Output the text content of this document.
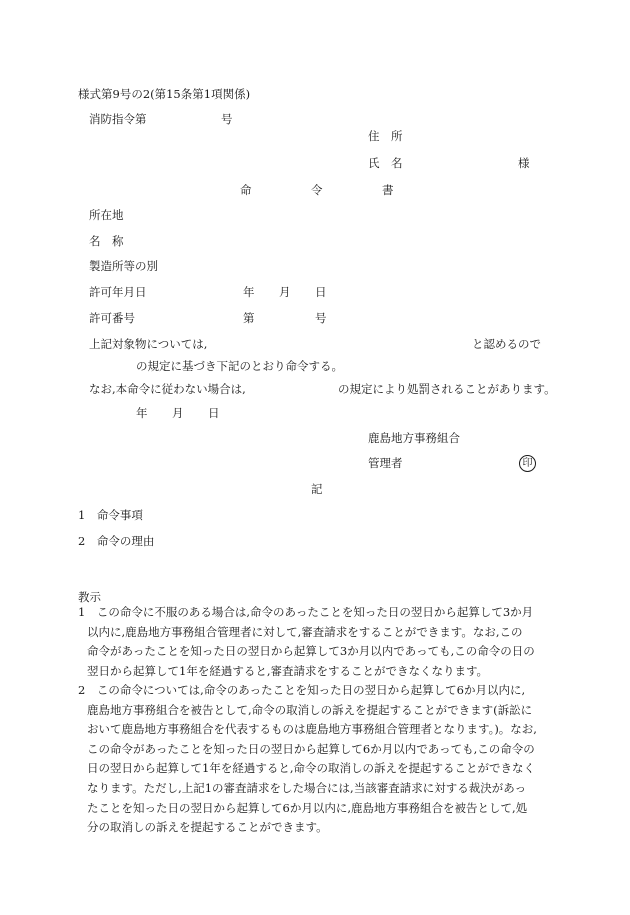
様式第9号の2(第15条第1項関係)
消防指令第	号
住　所
氏　名	様
命	令	書
所在地
名　称
製造所等の別
許可年月日	年 月 日
許可番号	第	号
上記対象物については,	と認めるので
の規定に基づき下記のとおり命令する。
なお,本命令に従わない場合は,	の規定により処罰されることがあります。
年 月 日
鹿島地方事務組合
管理者	印
記
1　命令事項
2　命令の理由
教示
1　この命令に不服のある場合は,命令のあったことを知った日の翌日から起算して3か月
以内に,鹿島地方事務組合管理者に対して,審査請求をすることができます。なお,この
命令があったことを知った日の翌日から起算して3か月以内であっても,この命令の日の
翌日から起算して1年を経過すると,審査請求をすることができなくなります。
2　この命令については,命令のあったことを知った日の翌日から起算して6か月以内に,
鹿島地方事務組合を被告として,命令の取消しの訴えを提起することができます(訴訟に
おいて鹿島地方事務組合を代表するものは鹿島地方事務組合管理者となります。)。なお,
この命令があったことを知った日の翌日から起算して6か月以内であっても,この命令の
日の翌日から起算して1年を経過すると,命令の取消しの訴えを提起することができなく
なります。ただし,上記1の審査請求をした場合には,当該審査請求に対する裁決があっ
たことを知った日の翌日から起算して6か月以内に,鹿島地方事務組合を被告として,処
分の取消しの訴えを提起することができます。
